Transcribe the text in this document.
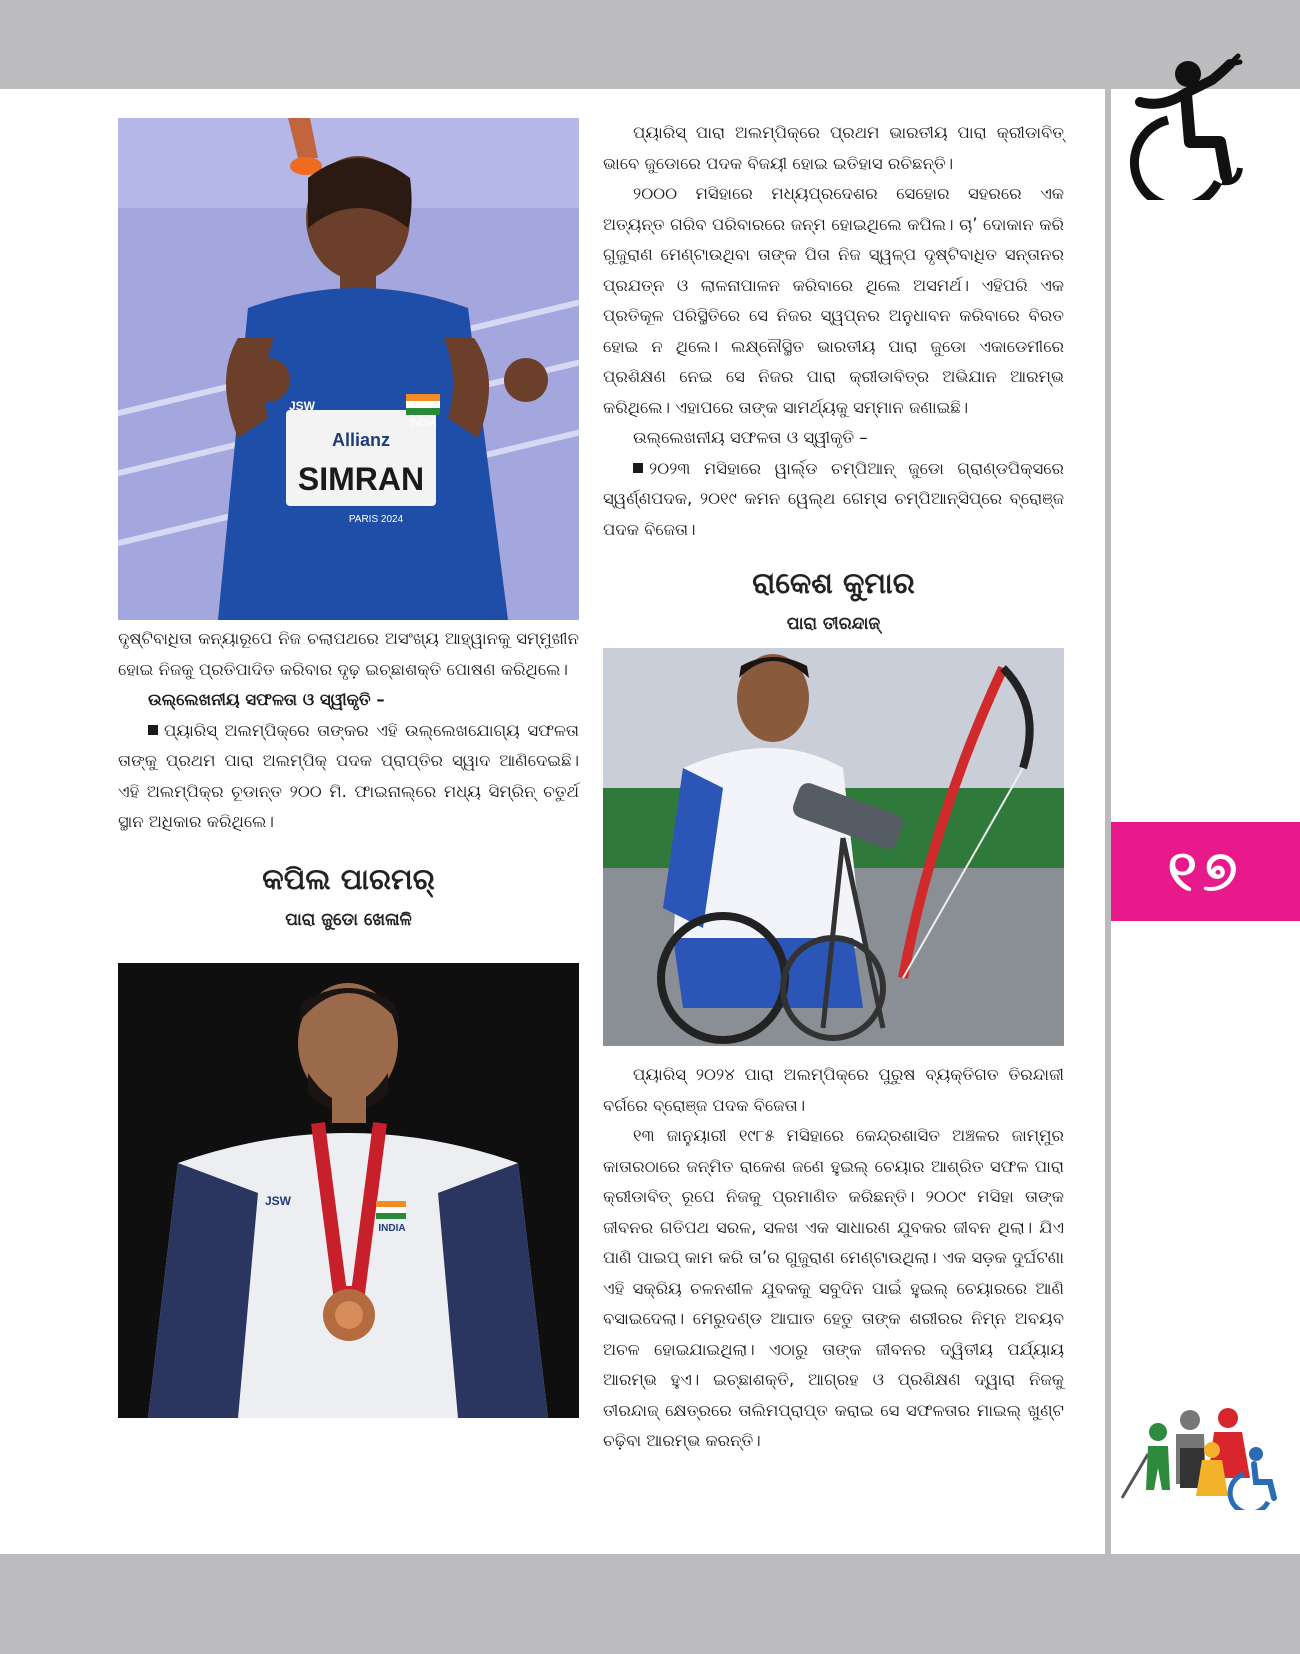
୧୭
Allianz
SIMRAN
PARIS 2024
INDIA
JSW
INDIA
JSW

ପ୍ୟାରିସ୍ ପାରା ଅଲମ୍ପିକ୍‌ରେ ପ୍ରଥମ ଭାରତୀୟ ପାରା କ୍ରୀଡାବିତ୍ ଭାବେ ଜୁଡୋରେ ପଦକ ବିଜୟୀ ହୋଇ ଇତିହାସ ରଚିଛନ୍ତି।

୨୦୦୦ ମସିହାରେ ମଧ୍ୟପ୍ରଦେଶର ସେହୋର ସହରରେ ଏକ ଅତ୍ୟନ୍ତ ଗରିବ ପରିବାରରେ ଜନ୍ମ ହୋଇଥିଲେ କପିଲ। ଚା’ ଦୋକାନ କରି ଗୁଜୁରାଣ ମେଣ୍ଟାଉଥିବା ତାଙ୍କ ପିତା ନିଜ ସ୍ୱଳ୍ପ ଦୃଷ୍ଟିବାଧିତ ସନ୍ତାନର ପ୍ରଯତ୍ନ ଓ ଲାଳନାପାଳନ କରିବାରେ ଥିଲେ ଅସମର୍ଥ। ଏହିପରି ଏକ ପ୍ରତିକୂଳ ପରିସ୍ଥିତିରେ ସେ ନିଜର ସ୍ୱପ୍ନର ଅନୁଧାବନ କରିବାରେ ବିରତ ହୋଇ ନ ଥିଲେ। ଲକ୍ଷ୍ନୌସ୍ଥିତ ଭାରତୀୟ ପାରା ଜୁଡୋ ଏକାଡେମୀରେ ପ୍ରଶିକ୍ଷଣ ନେଇ ସେ ନିଜର ପାରା କ୍ରୀଡାବିତ୍‌ର ଅଭିଯାନ ଆରମ୍ଭ କରିଥିଲେ। ଏହାପରେ ତାଙ୍କ ସାମର୍ଥ୍ୟକୁ ସମ୍ମାନ ଜଣାଇଛି।

ଉଲ୍ଲେଖନୀୟ ସଫଳତା ଓ ସ୍ୱୀକୃତି –

୨୦୨୩ ମସିହାରେ ୱାର୍ଲ୍ଡ ଚମ୍ପିଆନ୍ ଜୁଡୋ ଗ୍ରାଣ୍ଡପିକ୍ସରେ ସ୍ୱର୍ଣ୍ଣପଦକ, ୨୦୧୯ କମନ ୱେଲ୍ଥ ଗେମ୍ସ ଚମ୍ପିଆନ୍‌ସିପ୍‌ରେ ବ୍ରୋଞ୍ଜ ପଦକ ବିଜେତା।

ରାକେଶ କୁମାର
ପାରା ତୀରନ୍ଦାଜ୍

ଦୃଷ୍ଟିବାଧିତା କନ୍ୟାରୂପେ ନିଜ ଚଲାପଥରେ ଅସଂଖ୍ୟ ଆହ୍ୱାନକୁ ସମ୍ମୁଖୀନ ହୋଇ ନିଜକୁ ପ୍ରତିପାଦିତ କରିବାର ଦୃଢ଼ ଇଚ୍ଛାଶକ୍ତି ପୋଷଣ କରିଥିଲେ।

ଉଲ୍ଲେଖନୀୟ ସଫଳତା ଓ ସ୍ୱୀକୃତି –

ପ୍ୟାରିସ୍ ଅଲମ୍ପିକ୍‌ରେ ତାଙ୍କର ଏହି ଉଲ୍ଲେଖଯୋଗ୍ୟ ସଫଳତା ତାଙ୍କୁ ପ୍ରଥମ ପାରା ଅଲମ୍ପିକ୍ ପଦକ ପ୍ରାପ୍ତିର ସ୍ୱାଦ ଆଣିଦେଇଛି। ଏହି ଅଲମ୍ପିକ୍‌ର ଚୂଡାନ୍ତ ୨୦୦ ମି. ଫାଇନାଲ୍‌ରେ ମଧ୍ୟ ସିମ୍ରିନ୍ ଚତୁର୍ଥ ସ୍ଥାନ ଅଧିକାର କରିଥିଲେ।

କପିଲ ପାରମର୍
ପାରା ଜୁଡୋ ଖେଳାଳି

ପ୍ୟାରିସ୍ ୨୦୨୪ ପାରା ଅଲମ୍ପିକ୍‌ରେ ପୁରୁଷ ବ୍ୟକ୍ତିଗତ ତିରନ୍ଦାଜୀ ବର୍ଗରେ ବ୍ରୋଞ୍ଜ ପଦକ ବିଜେତା।

୧୩ ଜାନୁୟାରୀ ୧୯୮୫ ମସିହାରେ କେନ୍ଦ୍ରଶାସିତ ଅଞ୍ଚଳର ଜାମ୍ମୁର କାତାରଠାରେ ଜନ୍ମିତ ରାକେଶ ଜଣେ ହୁଇଲ୍ ଚେୟାର ଆଶ୍ରିତ ସଫଳ ପାରା କ୍ରୀଡାବିତ୍ ରୂପେ ନିଜକୁ ପ୍ରମାଣିତ କରିଛନ୍ତି। ୨୦୦୯ ମସିହା ତାଙ୍କ ଜୀବନର ଗତିପଥ ସରଳ, ସଳଖ ଏକ ସାଧାରଣ ଯୁବକର ଜୀବନ ଥିଲା। ଯିଏ ପାଣି ପାଇପ୍ କାମ କରି ତା’ର ଗୁଜୁରାଣ ମେଣ୍ଟାଉଥିଲା। ଏକ ସଡ଼କ ଦୁର୍ଘଟଣା ଏହି ସକ୍ରିୟ ଚଳନଶୀଳ ଯୁବକକୁ ସବୁଦିନ ପାଇଁ ହୁଇଲ୍ ଚେୟାରରେ ଆଣି ବସାଇଦେଲା। ମେରୁଦଣ୍ଡ ଆଘାତ ହେତୁ ତାଙ୍କ ଶରୀରର ନିମ୍ନ ଅବୟବ ଅଚଳ ହୋଇଯାଇଥିଲା। ଏଠାରୁ ତାଙ୍କ ଜୀବନର ଦ୍ୱିତୀୟ ପର୍ଯ୍ୟାୟ ଆରମ୍ଭ ହୁଏ। ଇଚ୍ଛାଶକ୍ତି, ଆଗ୍ରହ ଓ ପ୍ରଶିକ୍ଷଣ ଦ୍ୱାରା ନିଜକୁ ତୀରନ୍ଦାଜ୍ କ୍ଷେତ୍ରରେ ତାଲିମପ୍ରାପ୍ତ କରାଇ ସେ ସଫଳତାର ମାଇଲ୍ ଖୁଣ୍ଟ ଚଢ଼ିବା ଆରମ୍ଭ କରନ୍ତି।
